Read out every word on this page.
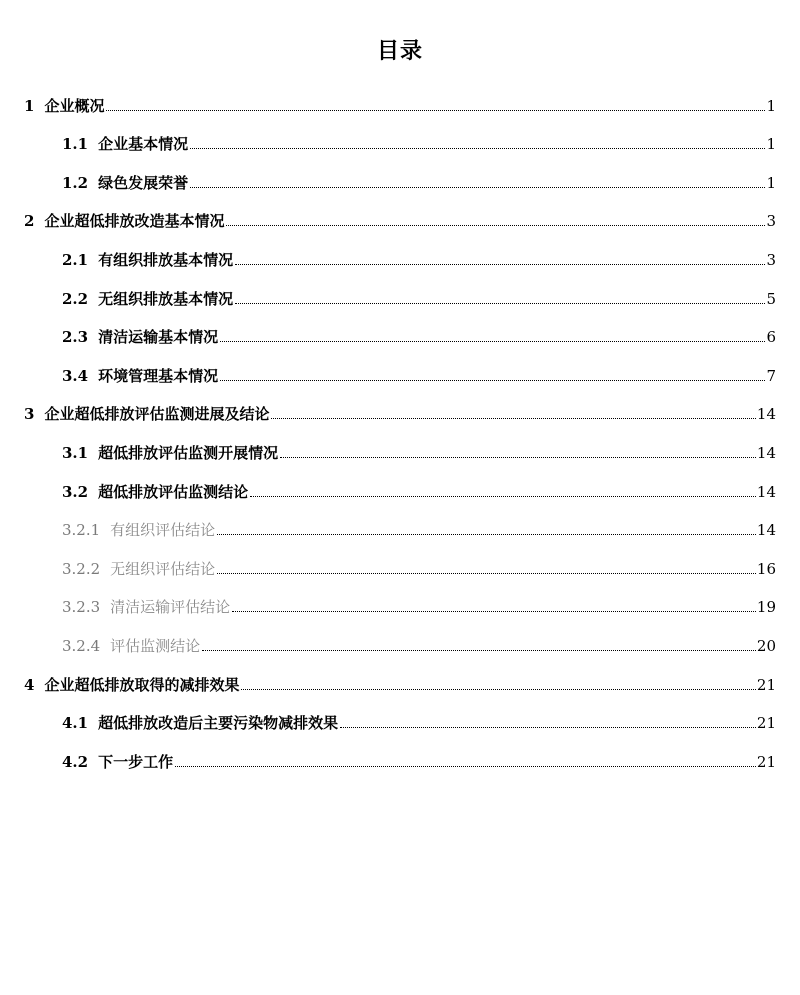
目录
1 企业概况	1
1.1 企业基本情况	1
1.2 绿色发展荣誉	1
2 企业超低排放改造基本情况	3
2.1 有组织排放基本情况	3
2.2 无组织排放基本情况	5
2.3 清洁运输基本情况	6
3.4 环境管理基本情况	7
3 企业超低排放评估监测进展及结论	14
3.1 超低排放评估监测开展情况	14
3.2 超低排放评估监测结论	14
3.2.1 有组织评估结论	14
3.2.2 无组织评估结论	16
3.2.3 清洁运输评估结论	19
3.2.4 评估监测结论	20
4 企业超低排放取得的减排效果	21
4.1 超低排放改造后主要污染物减排效果	21
4.2 下一步工作	21
